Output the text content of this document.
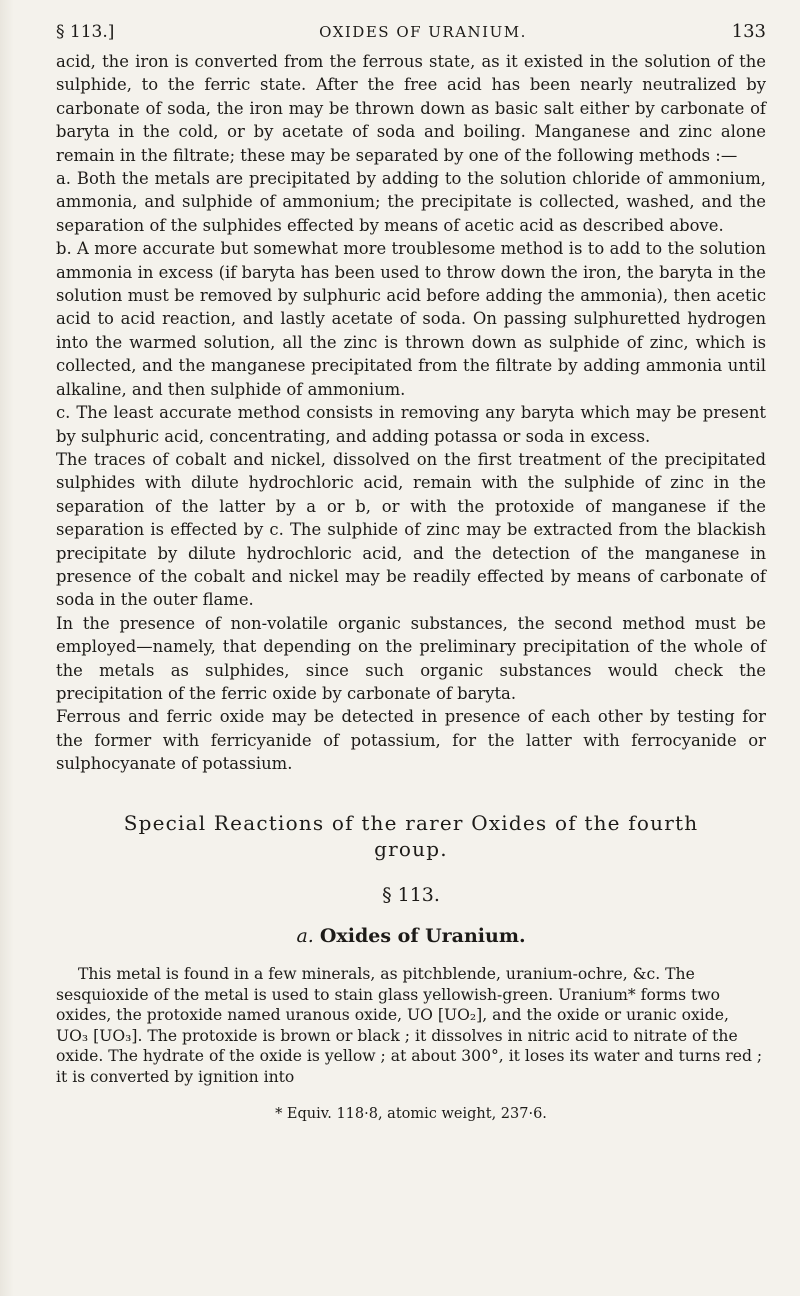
§ 113.]	OXIDES OF URANIUM.	133

acid, the iron is converted from the ferrous state, as it existed in the solution of the sulphide, to the ferric state. After the free acid has been nearly neutralized by carbonate of soda, the iron may be thrown down as basic salt either by carbonate of baryta in the cold, or by acetate of soda and boiling. Manganese and zinc alone remain in the filtrate; these may be separated by one of the following methods :—

a. Both the metals are precipitated by adding to the solution chloride of ammonium, ammonia, and sulphide of ammonium; the precipitate is collected, washed, and the separation of the sulphides effected by means of acetic acid as described above.

b. A more accurate but somewhat more troublesome method is to add to the solution ammonia in excess (if baryta has been used to throw down the iron, the baryta in the solution must be removed by sulphuric acid before adding the ammonia), then acetic acid to acid reaction, and lastly acetate of soda. On passing sulphuretted hydrogen into the warmed solution, all the zinc is thrown down as sulphide of zinc, which is collected, and the manganese precipitated from the filtrate by adding ammonia until alkaline, and then sulphide of ammonium.

c. The least accurate method consists in removing any baryta which may be present by sulphuric acid, concentrating, and adding potassa or soda in excess.

The traces of cobalt and nickel, dissolved on the first treatment of the precipitated sulphides with dilute hydrochloric acid, remain with the sulphide of zinc in the separation of the latter by a or b, or with the protoxide of manganese if the separation is effected by c. The sulphide of zinc may be extracted from the blackish precipitate by dilute hydrochloric acid, and the detection of the manganese in presence of the cobalt and nickel may be readily effected by means of carbonate of soda in the outer flame.

In the presence of non-volatile organic substances, the second method must be employed—namely, that depending on the preliminary precipitation of the whole of the metals as sulphides, since such organic substances would check the precipitation of the ferric oxide by carbonate of baryta.

Ferrous and ferric oxide may be detected in presence of each other by testing for the former with ferricyanide of potassium, for the latter with ferrocyanide or sulphocyanate of potassium.

Special Reactions of the rarer Oxides of the fourth group.
§ 113.
a. Oxides of Uranium.

This metal is found in a few minerals, as pitchblende, uranium-ochre, &c. The sesquioxide of the metal is used to stain glass yellowish-green. Uranium* forms two oxides, the protoxide named uranous oxide, UO [UO₂], and the oxide or uranic oxide, UO₃ [UO₃]. The protoxide is brown or black ; it dissolves in nitric acid to nitrate of the oxide. The hydrate of the oxide is yellow ; at about 300°, it loses its water and turns red ; it is converted by ignition into

* Equiv. 118·8, atomic weight, 237·6.
